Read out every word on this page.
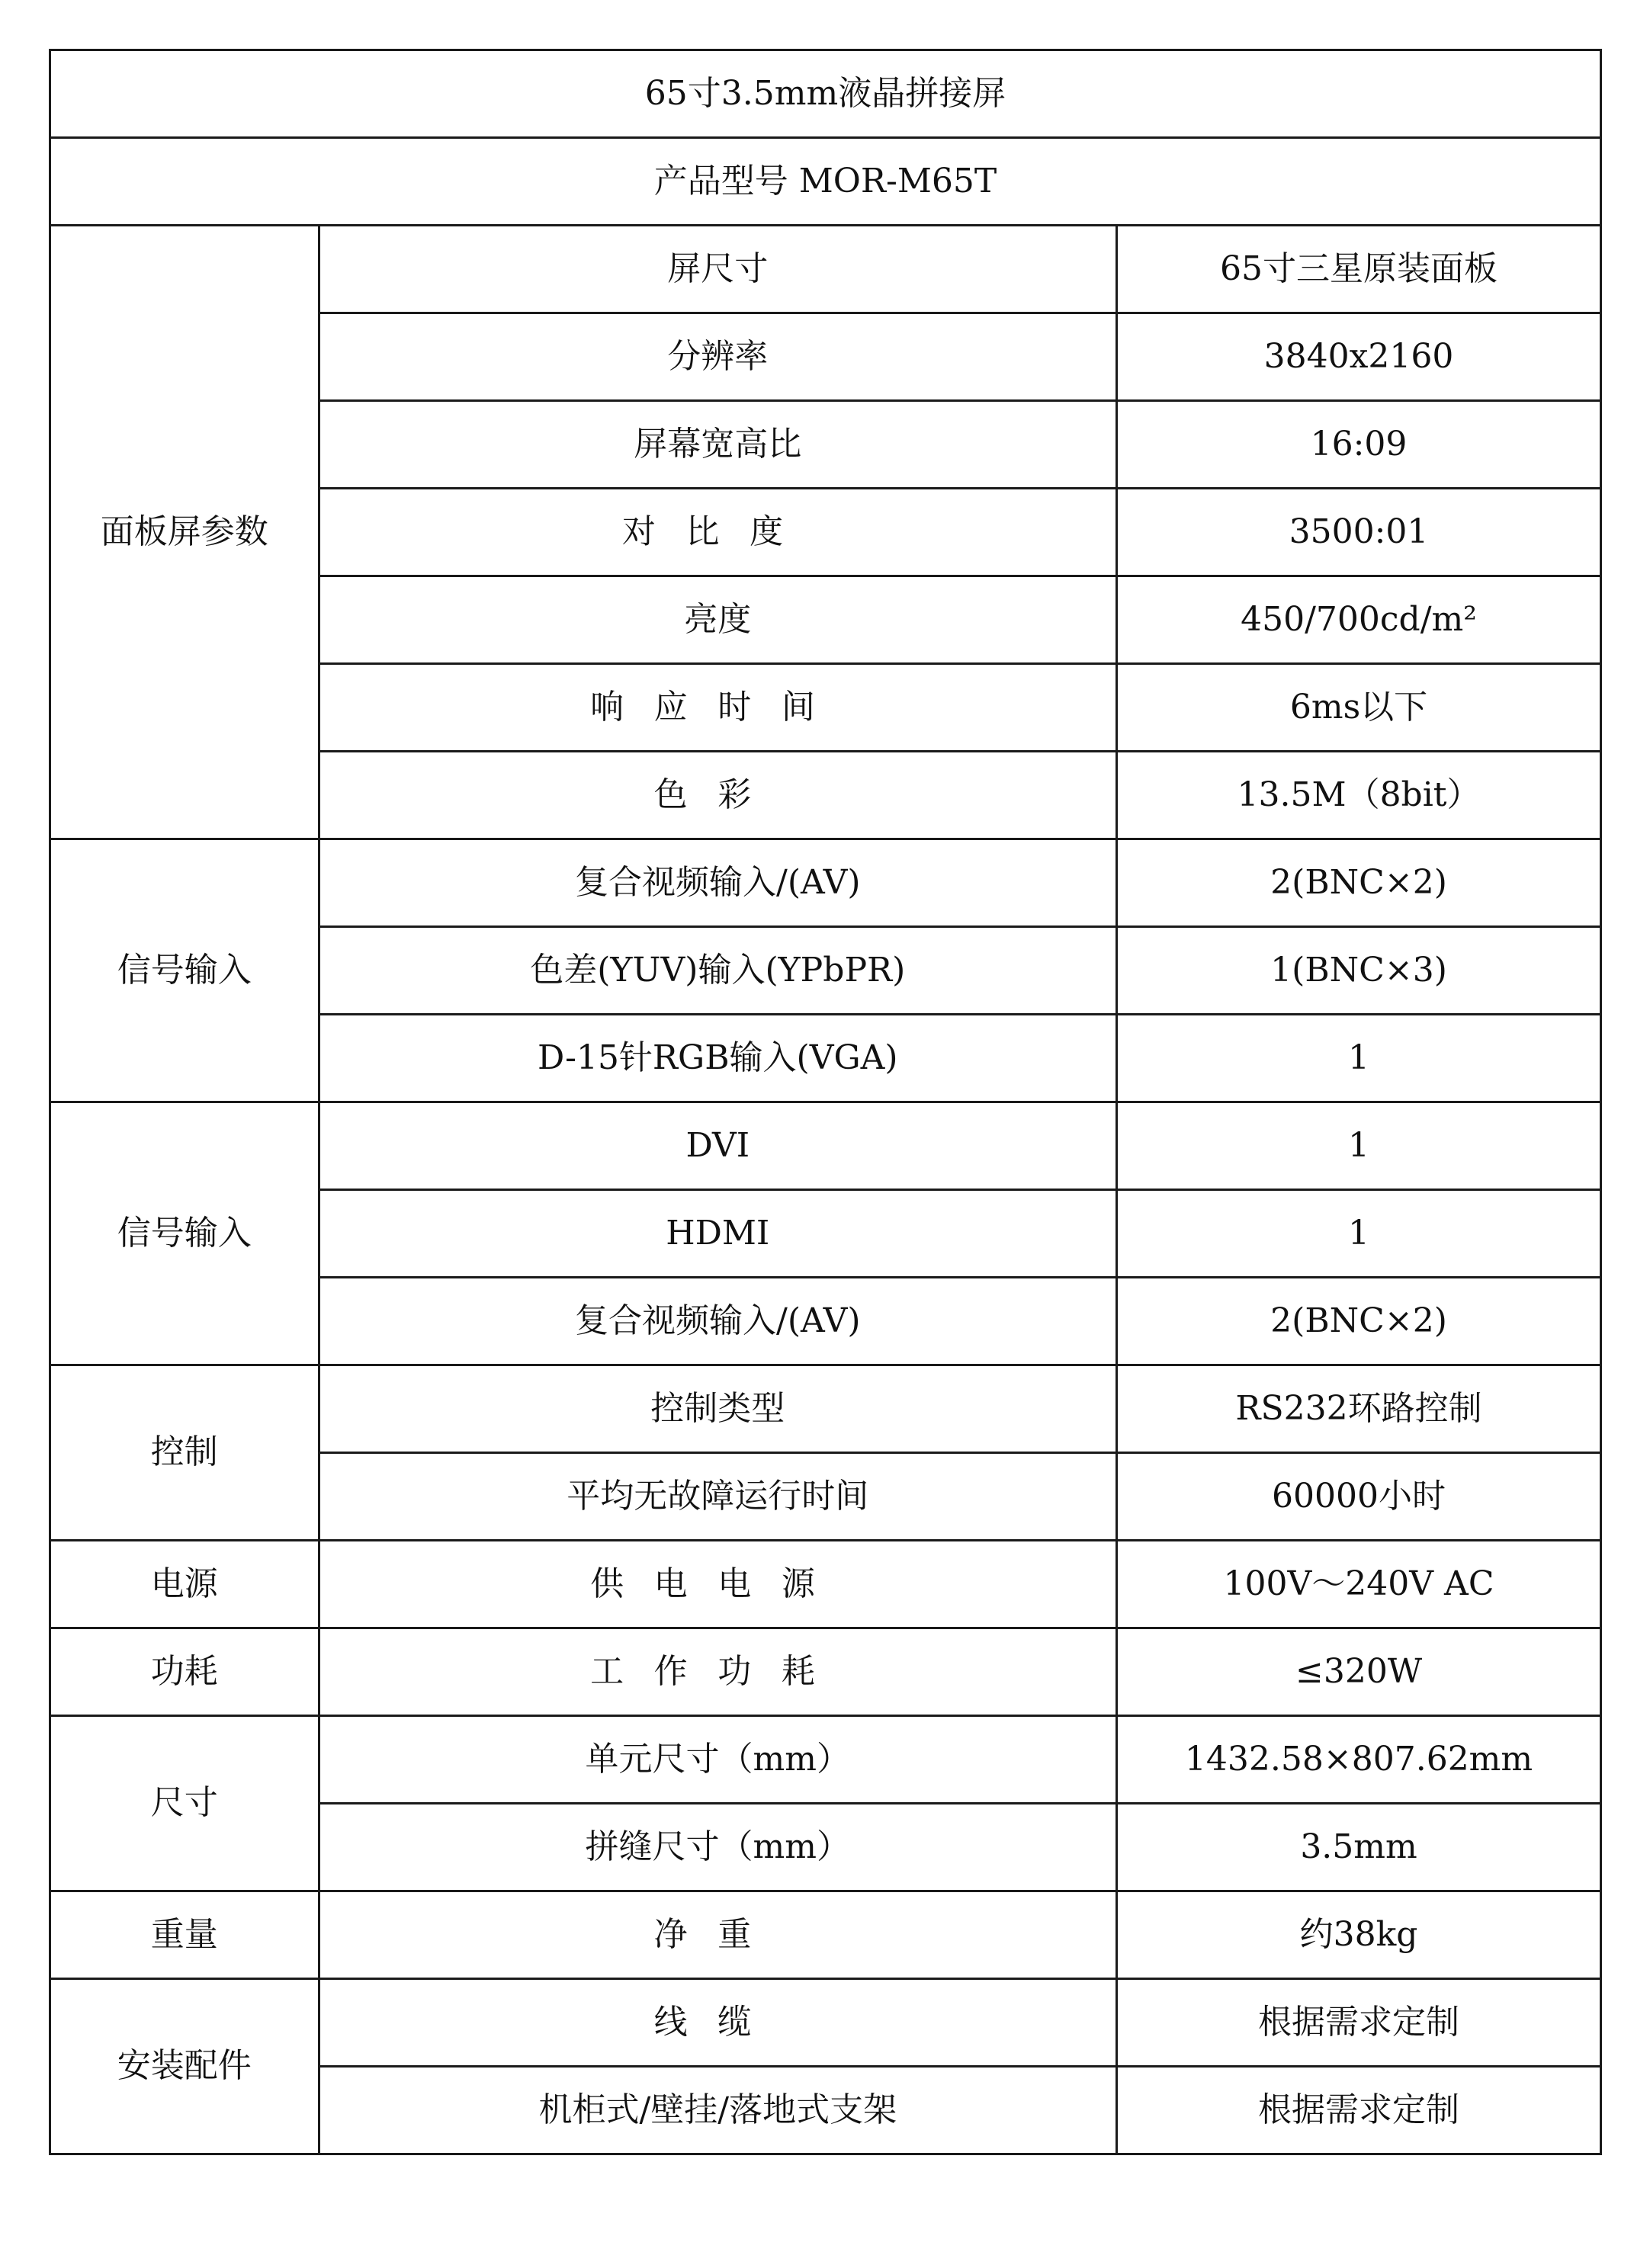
65寸3.5mm液晶拼接屏		
产品型号 MOR-M65T		
面板屏参数	屏尺寸	65寸三星原装面板
	分辨率	3840x2160
	屏幕宽高比	16:09
	对比度	3500:01
	亮度	450/700cd/m²
	响应时间	6ms以下
	色彩	13.5M（8bit）
信号输入	复合视频输入/(AV)	2(BNC×2)
	色差(YUV)输入(YPbPR)	1(BNC×3)
	D-15针RGB输入(VGA)	1
信号输入	DVI	1
	HDMI	1
	复合视频输入/(AV)	2(BNC×2)
控制	控制类型	RS232环路控制
	平均无故障运行时间	60000小时
电源	供电电源	100V～240V AC
功耗	工作功耗	≤320W
尺寸	单元尺寸（mm）	1432.58×807.62mm
	拼缝尺寸（mm）	3.5mm
重量	净重	约38kg
安装配件	线缆	根据需求定制
	机柜式/壁挂/落地式支架	根据需求定制
